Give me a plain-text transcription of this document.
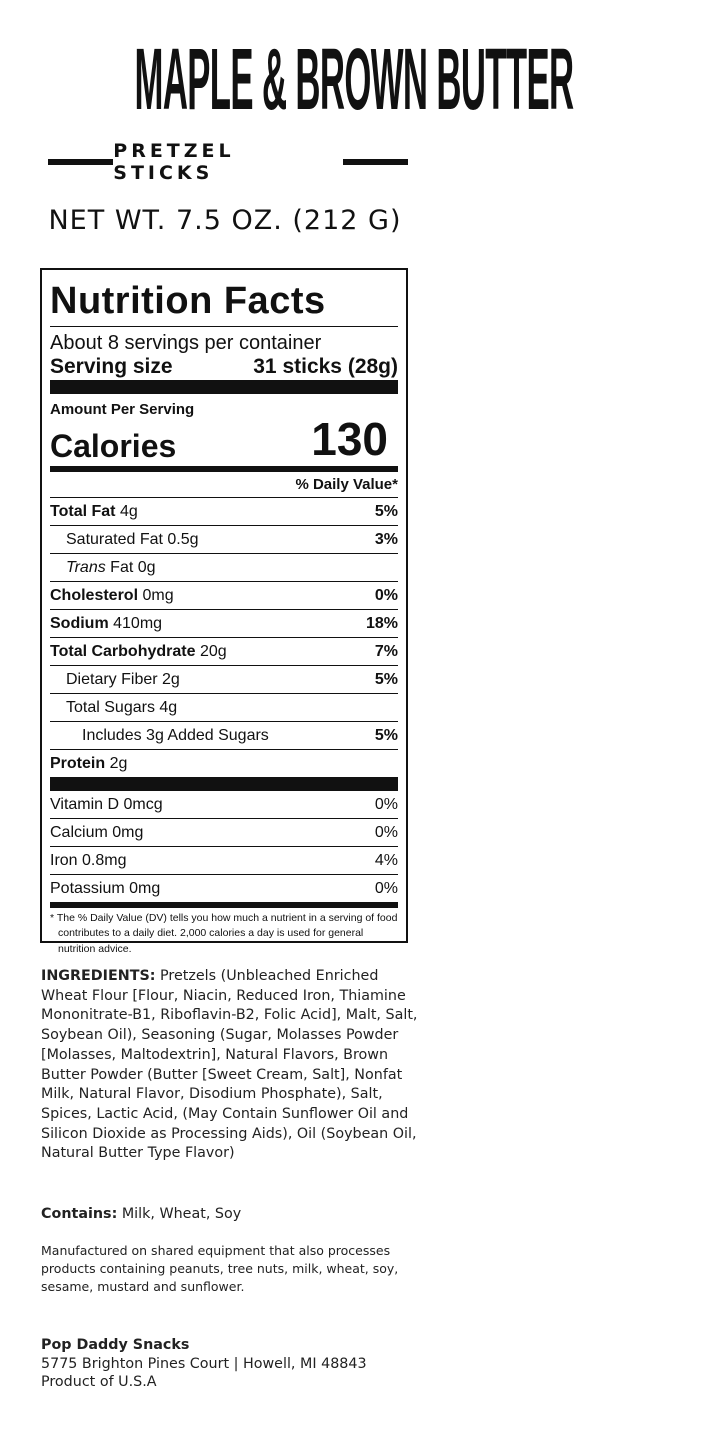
MAPLE & BROWN BUTTER
PRETZEL STICKS
NET WT. 7.5 OZ. (212 G)
Nutrition Facts
About 8 servings per container
Serving size	31 sticks (28g)
Amount Per Serving
Calories	130
% Daily Value*
Total Fat 4g	5%
Saturated Fat 0.5g	3%
Trans Fat 0g
Cholesterol 0mg	0%
Sodium 410mg	18%
Total Carbohydrate 20g	7%
Dietary Fiber 2g	5%
Total Sugars 4g
Includes 3g Added Sugars	5%
Protein 2g
Vitamin D 0mcg	0%
Calcium 0mg	0%
Iron 0.8mg	4%
Potassium 0mg	0%
* The % Daily Value (DV) tells you how much a nutrient in a serving of food contributes to a daily diet. 2,000 calories a day is used for general nutrition advice.
INGREDIENTS: Pretzels (Unbleached Enriched Wheat Flour [Flour, Niacin, Reduced Iron, Thiamine Mononitrate-B1, Riboflavin-B2, Folic Acid], Malt, Salt, Soybean Oil), Seasoning (Sugar, Molasses Powder [Molasses, Maltodextrin], Natural Flavors, Brown Butter Powder (Butter [Sweet Cream, Salt], Nonfat Milk, Natural Flavor, Disodium Phosphate), Salt, Spices, Lactic Acid, (May Contain Sunflower Oil and Silicon Dioxide as Processing Aids), Oil (Soybean Oil, Natural Butter Type Flavor)
Contains: Milk, Wheat, Soy
Manufactured on shared equipment that also processes products containing peanuts, tree nuts, milk, wheat, soy, sesame, mustard and sunflower.
Pop Daddy Snacks
5775 Brighton Pines Court | Howell, MI 48843
Product of U.S.A
